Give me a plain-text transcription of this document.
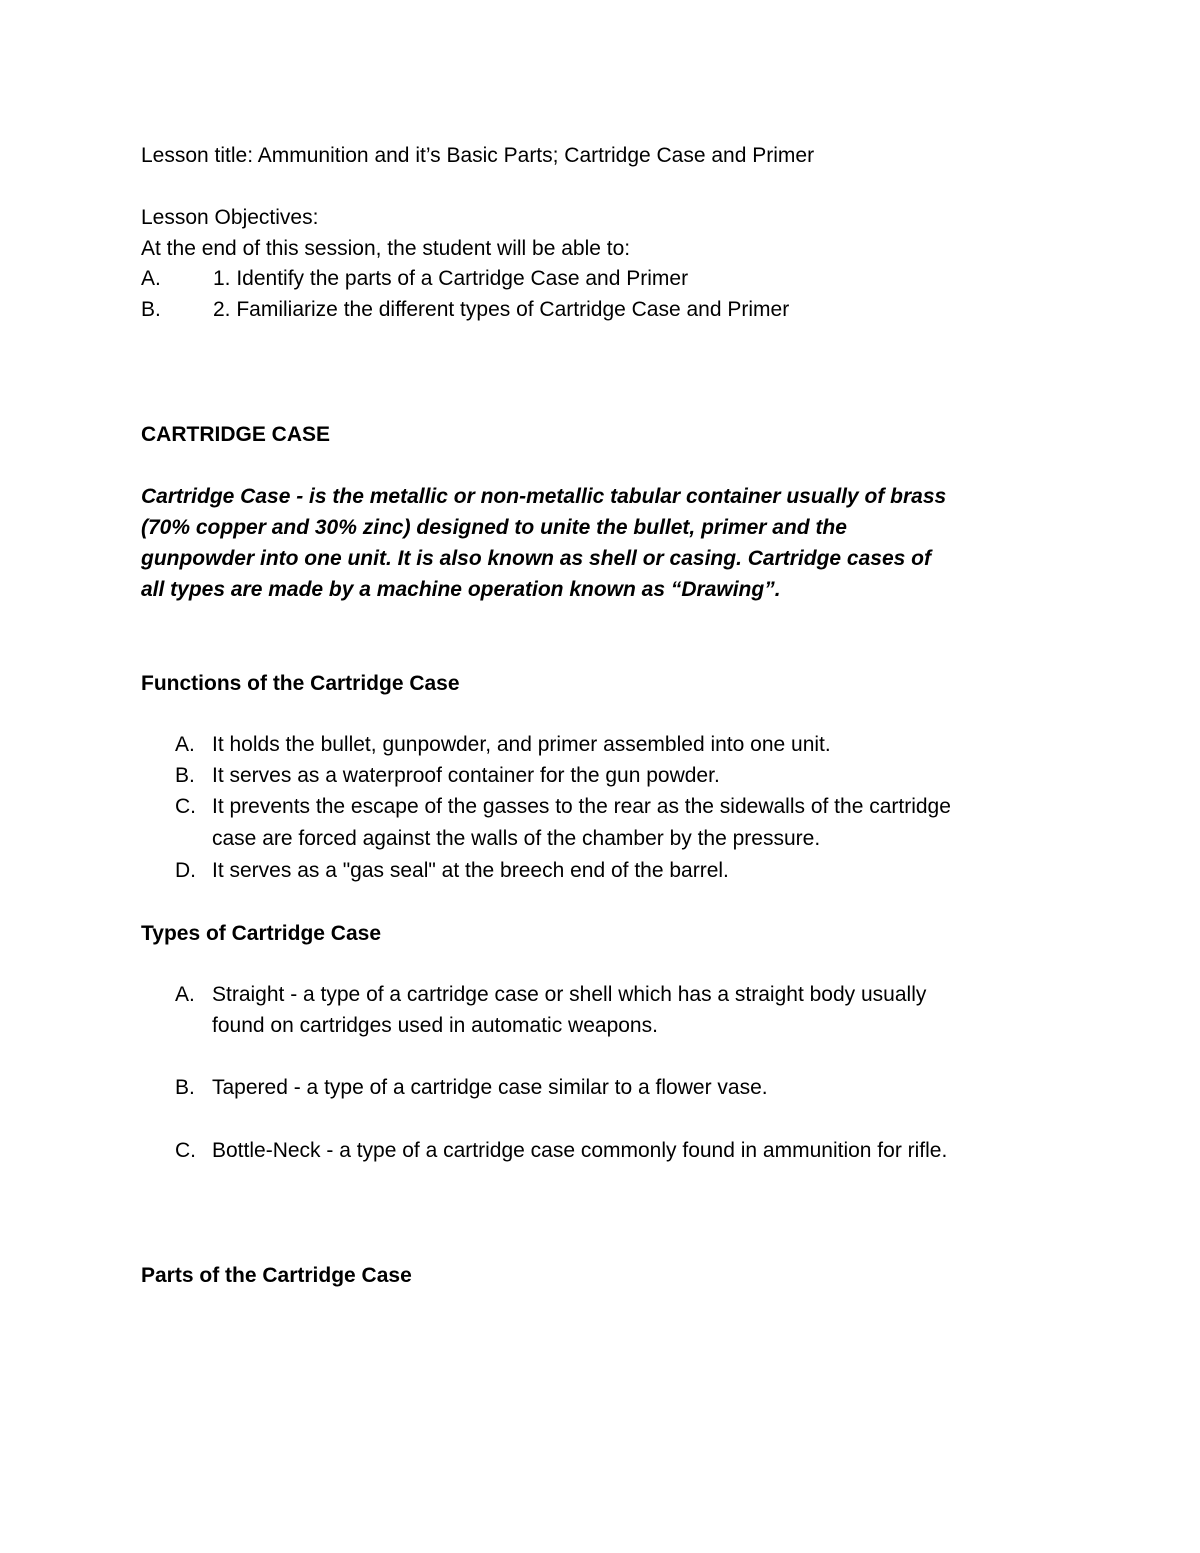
Lesson title: Ammunition and it’s Basic Parts; Cartridge Case and Primer
Lesson Objectives:
At the end of this session, the student will be able to:
A. 1. Identify the parts of a Cartridge Case and Primer
B. 2. Familiarize the different types of Cartridge Case and Primer
CARTRIDGE CASE
Cartridge Case - is the metallic or non-metallic tabular container usually of brass
(70% copper and 30% zinc) designed to unite the bullet, primer and the
gunpowder into one unit. It is also known as shell or casing. Cartridge cases of
all types are made by a machine operation known as “Drawing”.
Functions of the Cartridge Case
A. It holds the bullet, gunpowder, and primer assembled into one unit.
B. It serves as a waterproof container for the gun powder.
C. It prevents the escape of the gasses to the rear as the sidewalls of the cartridge
case are forced against the walls of the chamber by the pressure.
D. It serves as a "gas seal" at the breech end of the barrel.
Types of Cartridge Case
A. Straight - a type of a cartridge case or shell which has a straight body usually
found on cartridges used in automatic weapons.
B. Tapered - a type of a cartridge case similar to a flower vase.
C. Bottle-Neck - a type of a cartridge case commonly found in ammunition for rifle.
Parts of the Cartridge Case
